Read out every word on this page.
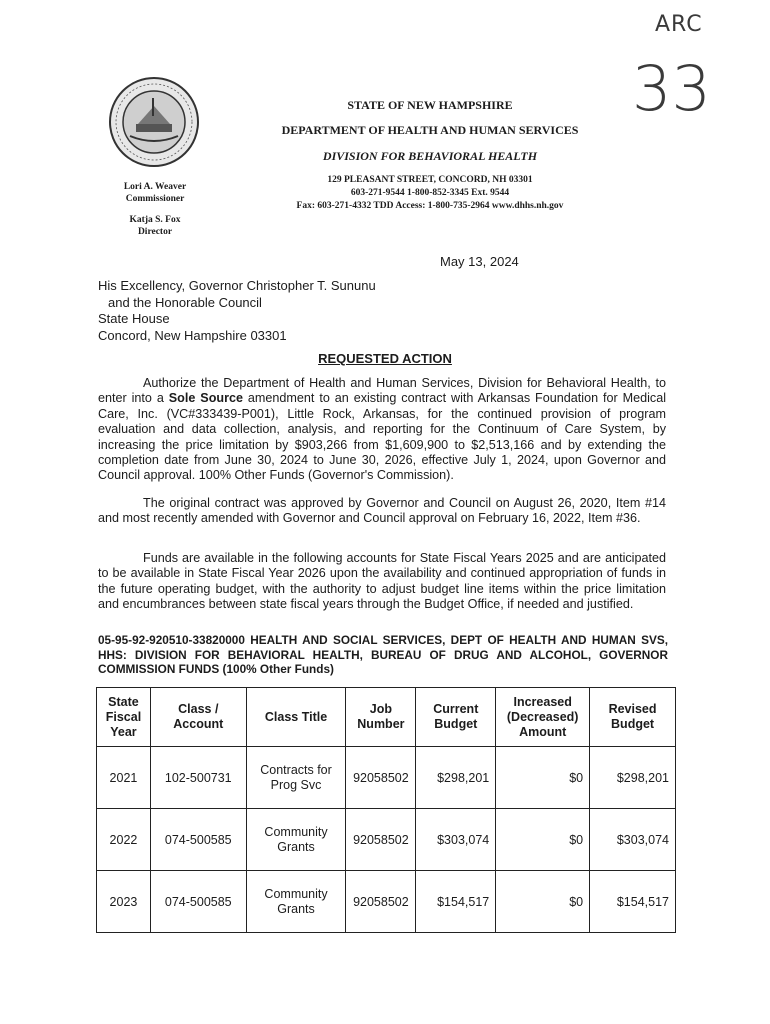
ARC
33
STATE OF NEW HAMPSHIRE
DEPARTMENT OF HEALTH AND HUMAN SERVICES
DIVISION FOR BEHAVIORAL HEALTH
129 PLEASANT STREET, CONCORD, NH 03301
603-271-9544 1-800-852-3345 Ext. 9544
Fax: 603-271-4332 TDD Access: 1-800-735-2964 www.dhhs.nh.gov
Lori A. Weaver
Commissioner
Katja S. Fox
Director
May 13, 2024
His Excellency, Governor Christopher T. Sununu
and the Honorable Council
State House
Concord, New Hampshire 03301
REQUESTED ACTION
Authorize the Department of Health and Human Services, Division for Behavioral Health, to enter into a Sole Source amendment to an existing contract with Arkansas Foundation for Medical Care, Inc. (VC#333439-P001), Little Rock, Arkansas, for the continued provision of program evaluation and data collection, analysis, and reporting for the Continuum of Care System, by increasing the price limitation by $903,266 from $1,609,900 to $2,513,166 and by extending the completion date from June 30, 2024 to June 30, 2026, effective July 1, 2024, upon Governor and Council approval. 100% Other Funds (Governor's Commission).
The original contract was approved by Governor and Council on August 26, 2020, Item #14 and most recently amended with Governor and Council approval on February 16, 2022, Item #36.
Funds are available in the following accounts for State Fiscal Years 2025 and are anticipated to be available in State Fiscal Year 2026 upon the availability and continued appropriation of funds in the future operating budget, with the authority to adjust budget line items within the price limitation and encumbrances between state fiscal years through the Budget Office, if needed and justified.
05-95-92-920510-33820000 HEALTH AND SOCIAL SERVICES, DEPT OF HEALTH AND HUMAN SVS, HHS: DIVISION FOR BEHAVIORAL HEALTH, BUREAU OF DRUG AND ALCOHOL, GOVERNOR COMMISSION FUNDS (100% Other Funds)
State Fiscal Year	Class / Account	Class Title	Job Number	Current Budget	Increased (Decreased) Amount	Revised Budget
2021	102-500731	Contracts for Prog Svc	92058502	$298,201	$0	$298,201
2022	074-500585	Community Grants	92058502	$303,074	$0	$303,074
2023	074-500585	Community Grants	92058502	$154,517	$0	$154,517
